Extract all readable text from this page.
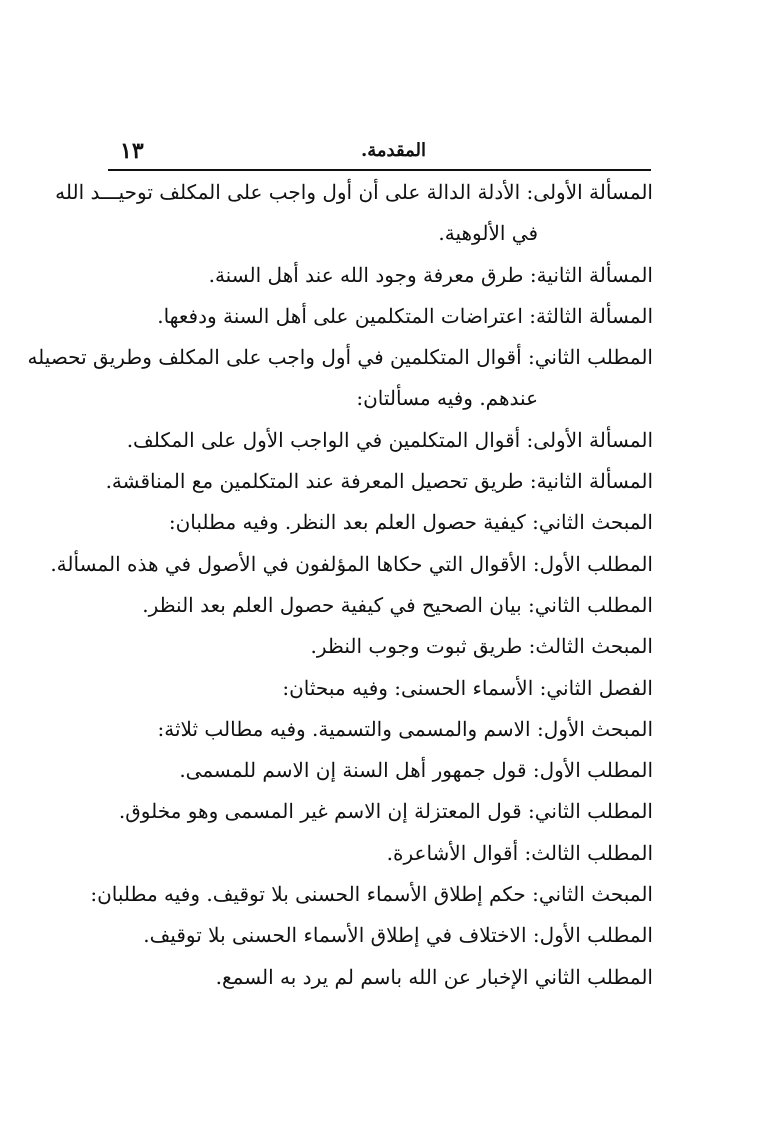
المقدمة.
١٣
المسألة الأولى: الأدلة الدالة على أن أول واجب على المكلف توحيـــد الله
في الألوهية.
المسألة الثانية: طرق معرفة وجود الله عند أهل السنة.
المسألة الثالثة: اعتراضات المتكلمين على أهل السنة ودفعها.
المطلب الثاني: أقوال المتكلمين في أول واجب على المكلف وطريق تحصيله
عندهم. وفيه مسألتان:
المسألة الأولى: أقوال المتكلمين في الواجب الأول على المكلف.
المسألة الثانية: طريق تحصيل المعرفة عند المتكلمين مع المناقشة.
المبحث الثاني: كيفية حصول العلم بعد النظر. وفيه مطلبان:
المطلب الأول: الأقوال التي حكاها المؤلفون في الأصول في هذه المسألة.
المطلب الثاني: بيان الصحيح في كيفية حصول العلم بعد النظر.
المبحث الثالث: طريق ثبوت وجوب النظر.
الفصل الثاني: الأسماء الحسنى: وفيه مبحثان:
المبحث الأول: الاسم والمسمى والتسمية. وفيه مطالب ثلاثة:
المطلب الأول: قول جمهور أهل السنة إن الاسم للمسمى.
المطلب الثاني: قول المعتزلة إن الاسم غير المسمى وهو مخلوق.
المطلب الثالث: أقوال الأشاعرة.
المبحث الثاني: حكم إطلاق الأسماء الحسنى بلا توقيف. وفيه مطلبان:
المطلب الأول: الاختلاف في إطلاق الأسماء الحسنى بلا توقيف.
المطلب الثاني الإخبار عن الله باسم لم يرد به السمع.
